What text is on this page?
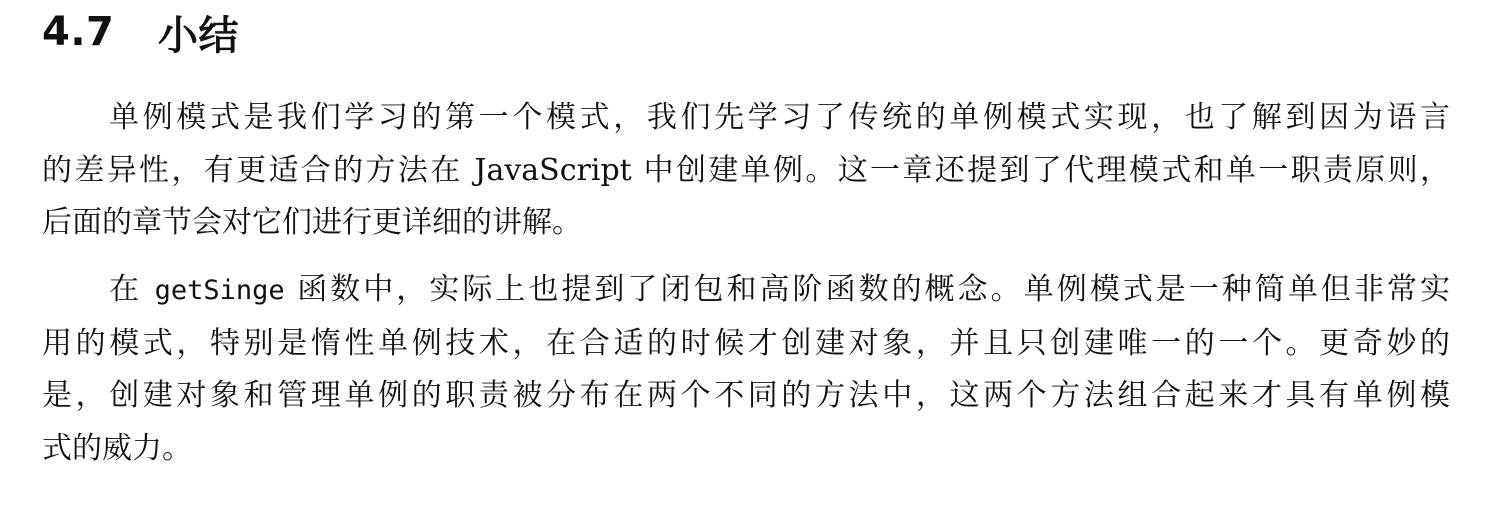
4.7	小结
单例模式是我们学习的第一个模式，我们先学习了传统的单例模式实现，也了解到因为语言
的差异性，有更适合的方法在 JavaScript 中创建单例。这一章还提到了代理模式和单一职责原则，
后面的章节会对它们进行更详细的讲解。
在 getSinge 函数中，实际上也提到了闭包和高阶函数的概念。单例模式是一种简单但非常实
用的模式，特别是惰性单例技术，在合适的时候才创建对象，并且只创建唯一的一个。更奇妙的
是，创建对象和管理单例的职责被分布在两个不同的方法中，这两个方法组合起来才具有单例模
式的威力。
